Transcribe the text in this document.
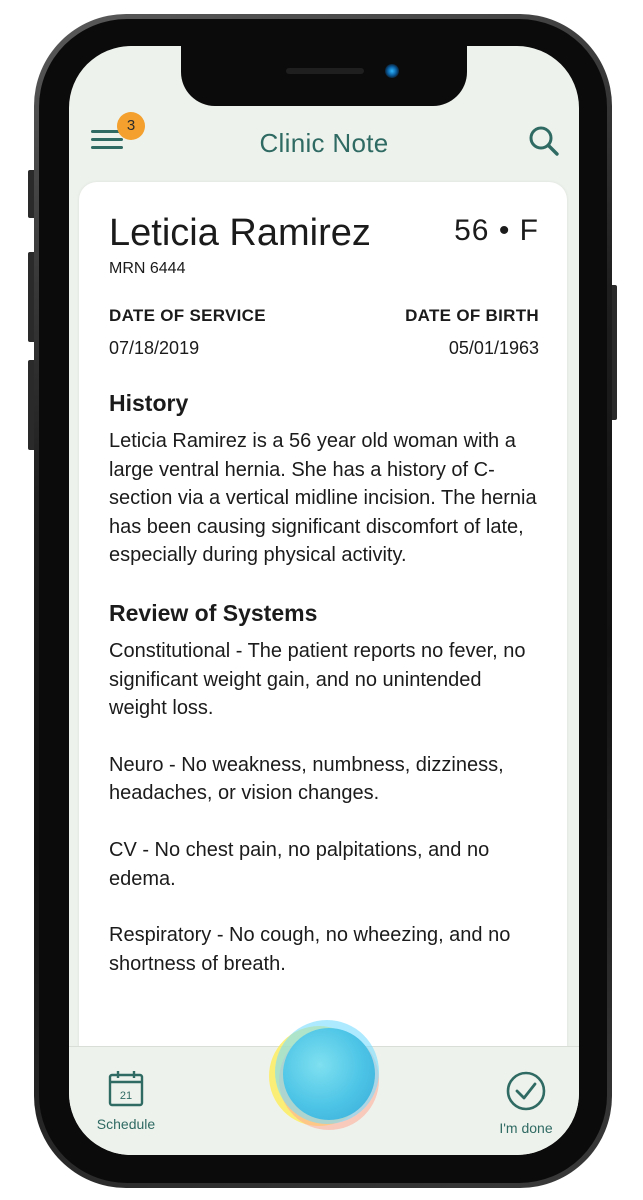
3
Clinic Note
Leticia Ramirez	56 • F
MRN 6444
DATE OF SERVICE
07/18/2019
DATE OF BIRTH
05/01/1963
History
Leticia Ramirez is a 56 year old woman with a large ventral hernia. She has a history of C-section via a vertical midline incision. The hernia has been causing significant discomfort of late, especially during physical activity.
Review of Systems
Constitutional - The patient reports no fever, no significant weight gain, and no unintended weight loss.
Neuro - No weakness, numbness, dizziness, headaches, or vision changes.
CV - No chest pain, no palpitations, and no edema.
Respiratory - No cough, no wheezing, and no shortness of breath.
21
Schedule	I'm done
